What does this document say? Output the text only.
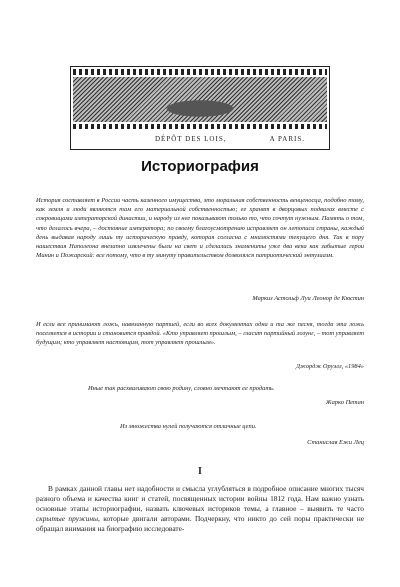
DÉPÔT DES LOIS,	A PARIS.
Историография

История составляет в России часть казенного имущества, это моральная собственность венценосца, подобно тому, как земля и люди являются там его материальной собственностью; ее хранят в дворцовых подвалах вместе с сокровищами императорской династии, и народу из нее показывают только то, что сочтут нужным. Память о том, что делалось вчера, – достояние императора; по своему благоусмотрению исправляет он летописи страны, каждый день выдавая народу лишь ту историческую правду, которая согласна с мнимостями текущего дня. Так в пору нашествия Наполеона внезапно извлечены были на свет и сделались знамениты уже два века как забытые герои Минин и Пожарский: все потому, что в ту минуту правительством дозволялся патриотический энтузиазм.

Маркиз Астольф Луи Леонор де Кюстин

И если все принимают ложь, навязанную партией, если во всех документах одна и та же песня, тогда эта ложь поселяется в истории и становится правдой. «Кто управляет прошлым, – гласит партийный лозунг, – тот управляет будущим; кто управляет настоящим, тот управляет прошлым».

Джордж Оруэлл, «1984»

Иные так расхваливают свою родину, словно мечтают ее продать.

Жарко Петан

Из множества нулей получаются отличные цепи.

Станислав Ежи Лец

I

В рамках данной главы нет надобности и смысла углубляться в подробное описание многих тысяч разного объема и качества книг и статей, посвященных истории войны 1812 года. Нам важно узнать основные этапы историографии, назвать ключевых историков темы, а главное – выявить те часто скрытые пружины, которые двигали авторами. Подчеркну, что никто до сей поры практически не обращал внимания на биографию исследовате-
